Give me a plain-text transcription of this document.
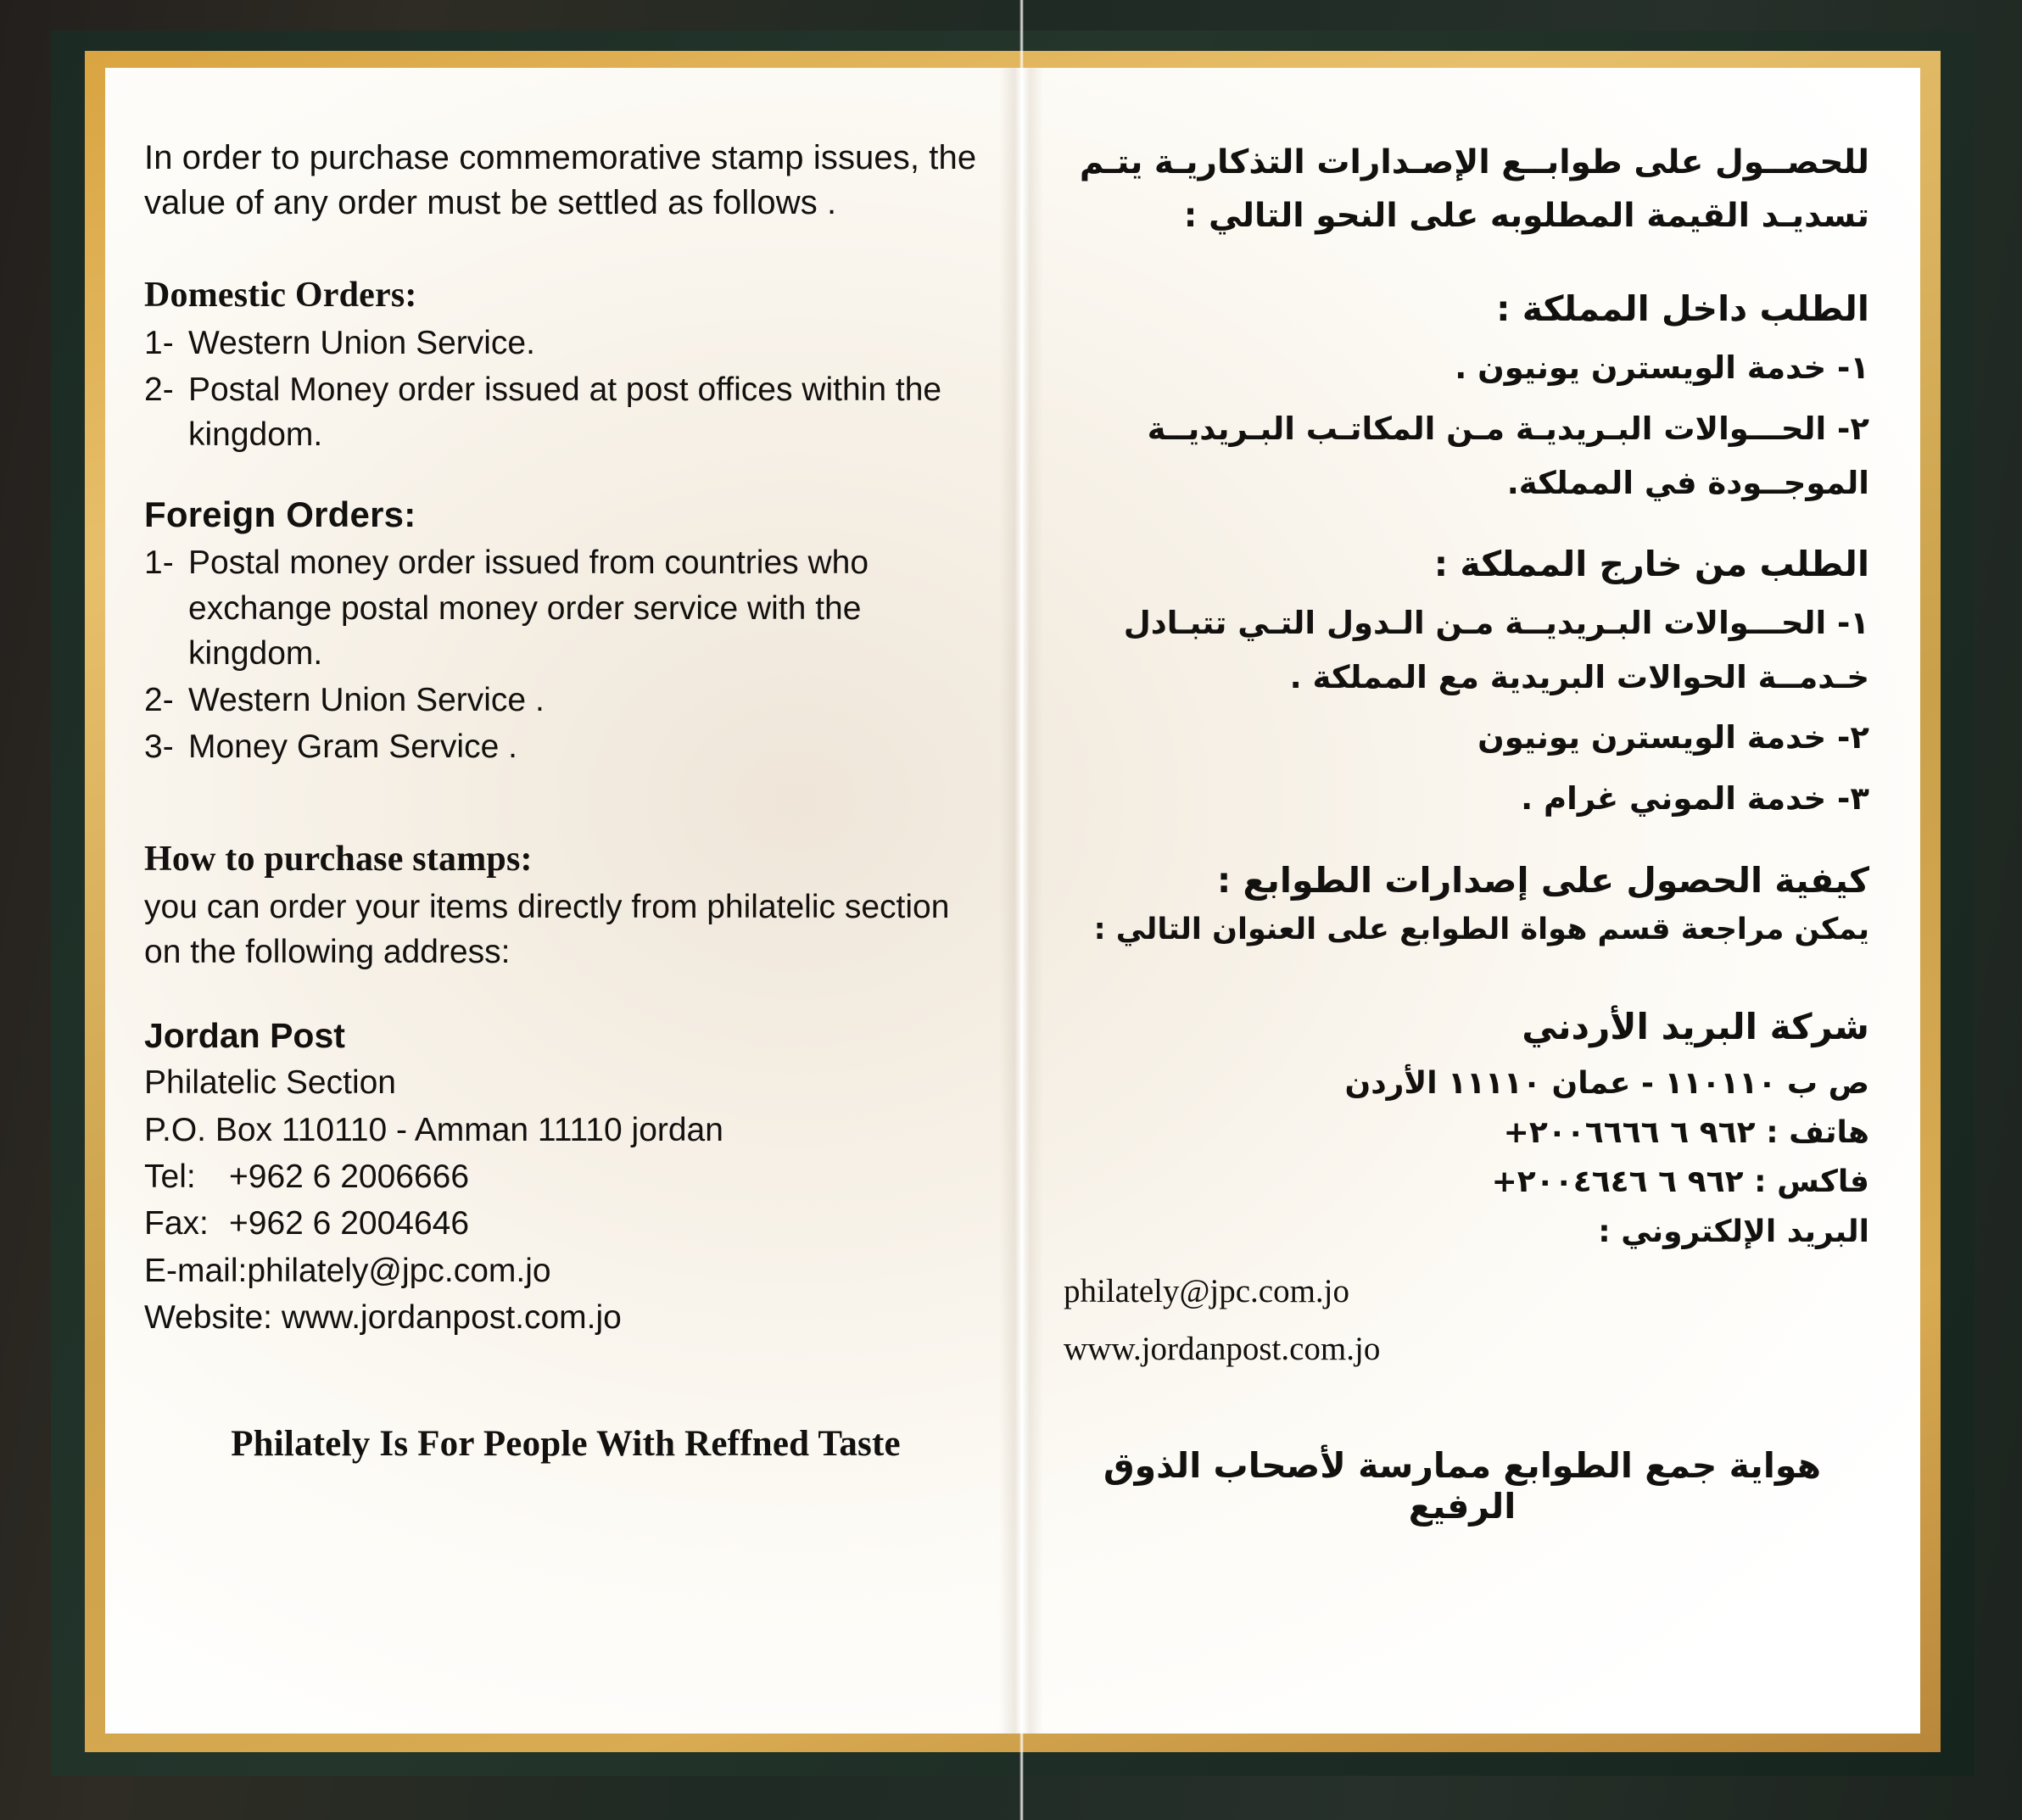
In order to purchase commemorative stamp issues, the value of any order must be settled as follows .

Domestic Orders:
1- Western Union Service.
2- Postal Money order issued at post offices within the kingdom.
Foreign Orders:
1- Postal money order issued from countries who exchange postal money order service with the kingdom.
2- Western Union Service .
3- Money Gram Service .
How to purchase stamps:

you can order your items directly from philatelic section on the following address:

Jordan Post
Philatelic Section
P.O. Box 110110 - Amman 11110 jordan
Tel: +962 6 2006666
Fax: +962 6 2004646
E-mail:philately@jpc.com.jo
Website: www.jordanpost.com.jo
Philately Is For People With Reffned Taste

للحصــول على طوابــع الإصـدارات التذكاريـة يتـم تسديـد القيمة المطلوبه على النحو التالي :

الطلب داخل المملكة :
١- خدمة الويسترن يونيون .
٢- الحـــوالات البـريديـة مـن المكاتـب البـريديــة الموجــودة في المملكة.
الطلب من خارج المملكة :
١- الحـــوالات البـريديــة مـن الـدول التـي تتبـادل خـدمــة الحوالات البريدية مع المملكة .
٢- خدمة الويسترن يونيون
٣- خدمة الموني غرام .
كيفية الحصول على إصدارات الطوابع :

يمكن مراجعة قسم هواة الطوابع على العنوان التالي :

شركة البريد الأردني
ص ب ١١٠١١٠ - عمان ١١١١٠ الأردن
هاتف : ٩٦٢ ٦ ٢٠٠٦٦٦٦+
فاكس : ٩٦٢ ٦ ٢٠٠٤٦٤٦+
البريد الإلكتروني :
philately@jpc.com.jo
www.jordanpost.com.jo
هواية جمع الطوابع ممارسة لأصحاب الذوق الرفيع
